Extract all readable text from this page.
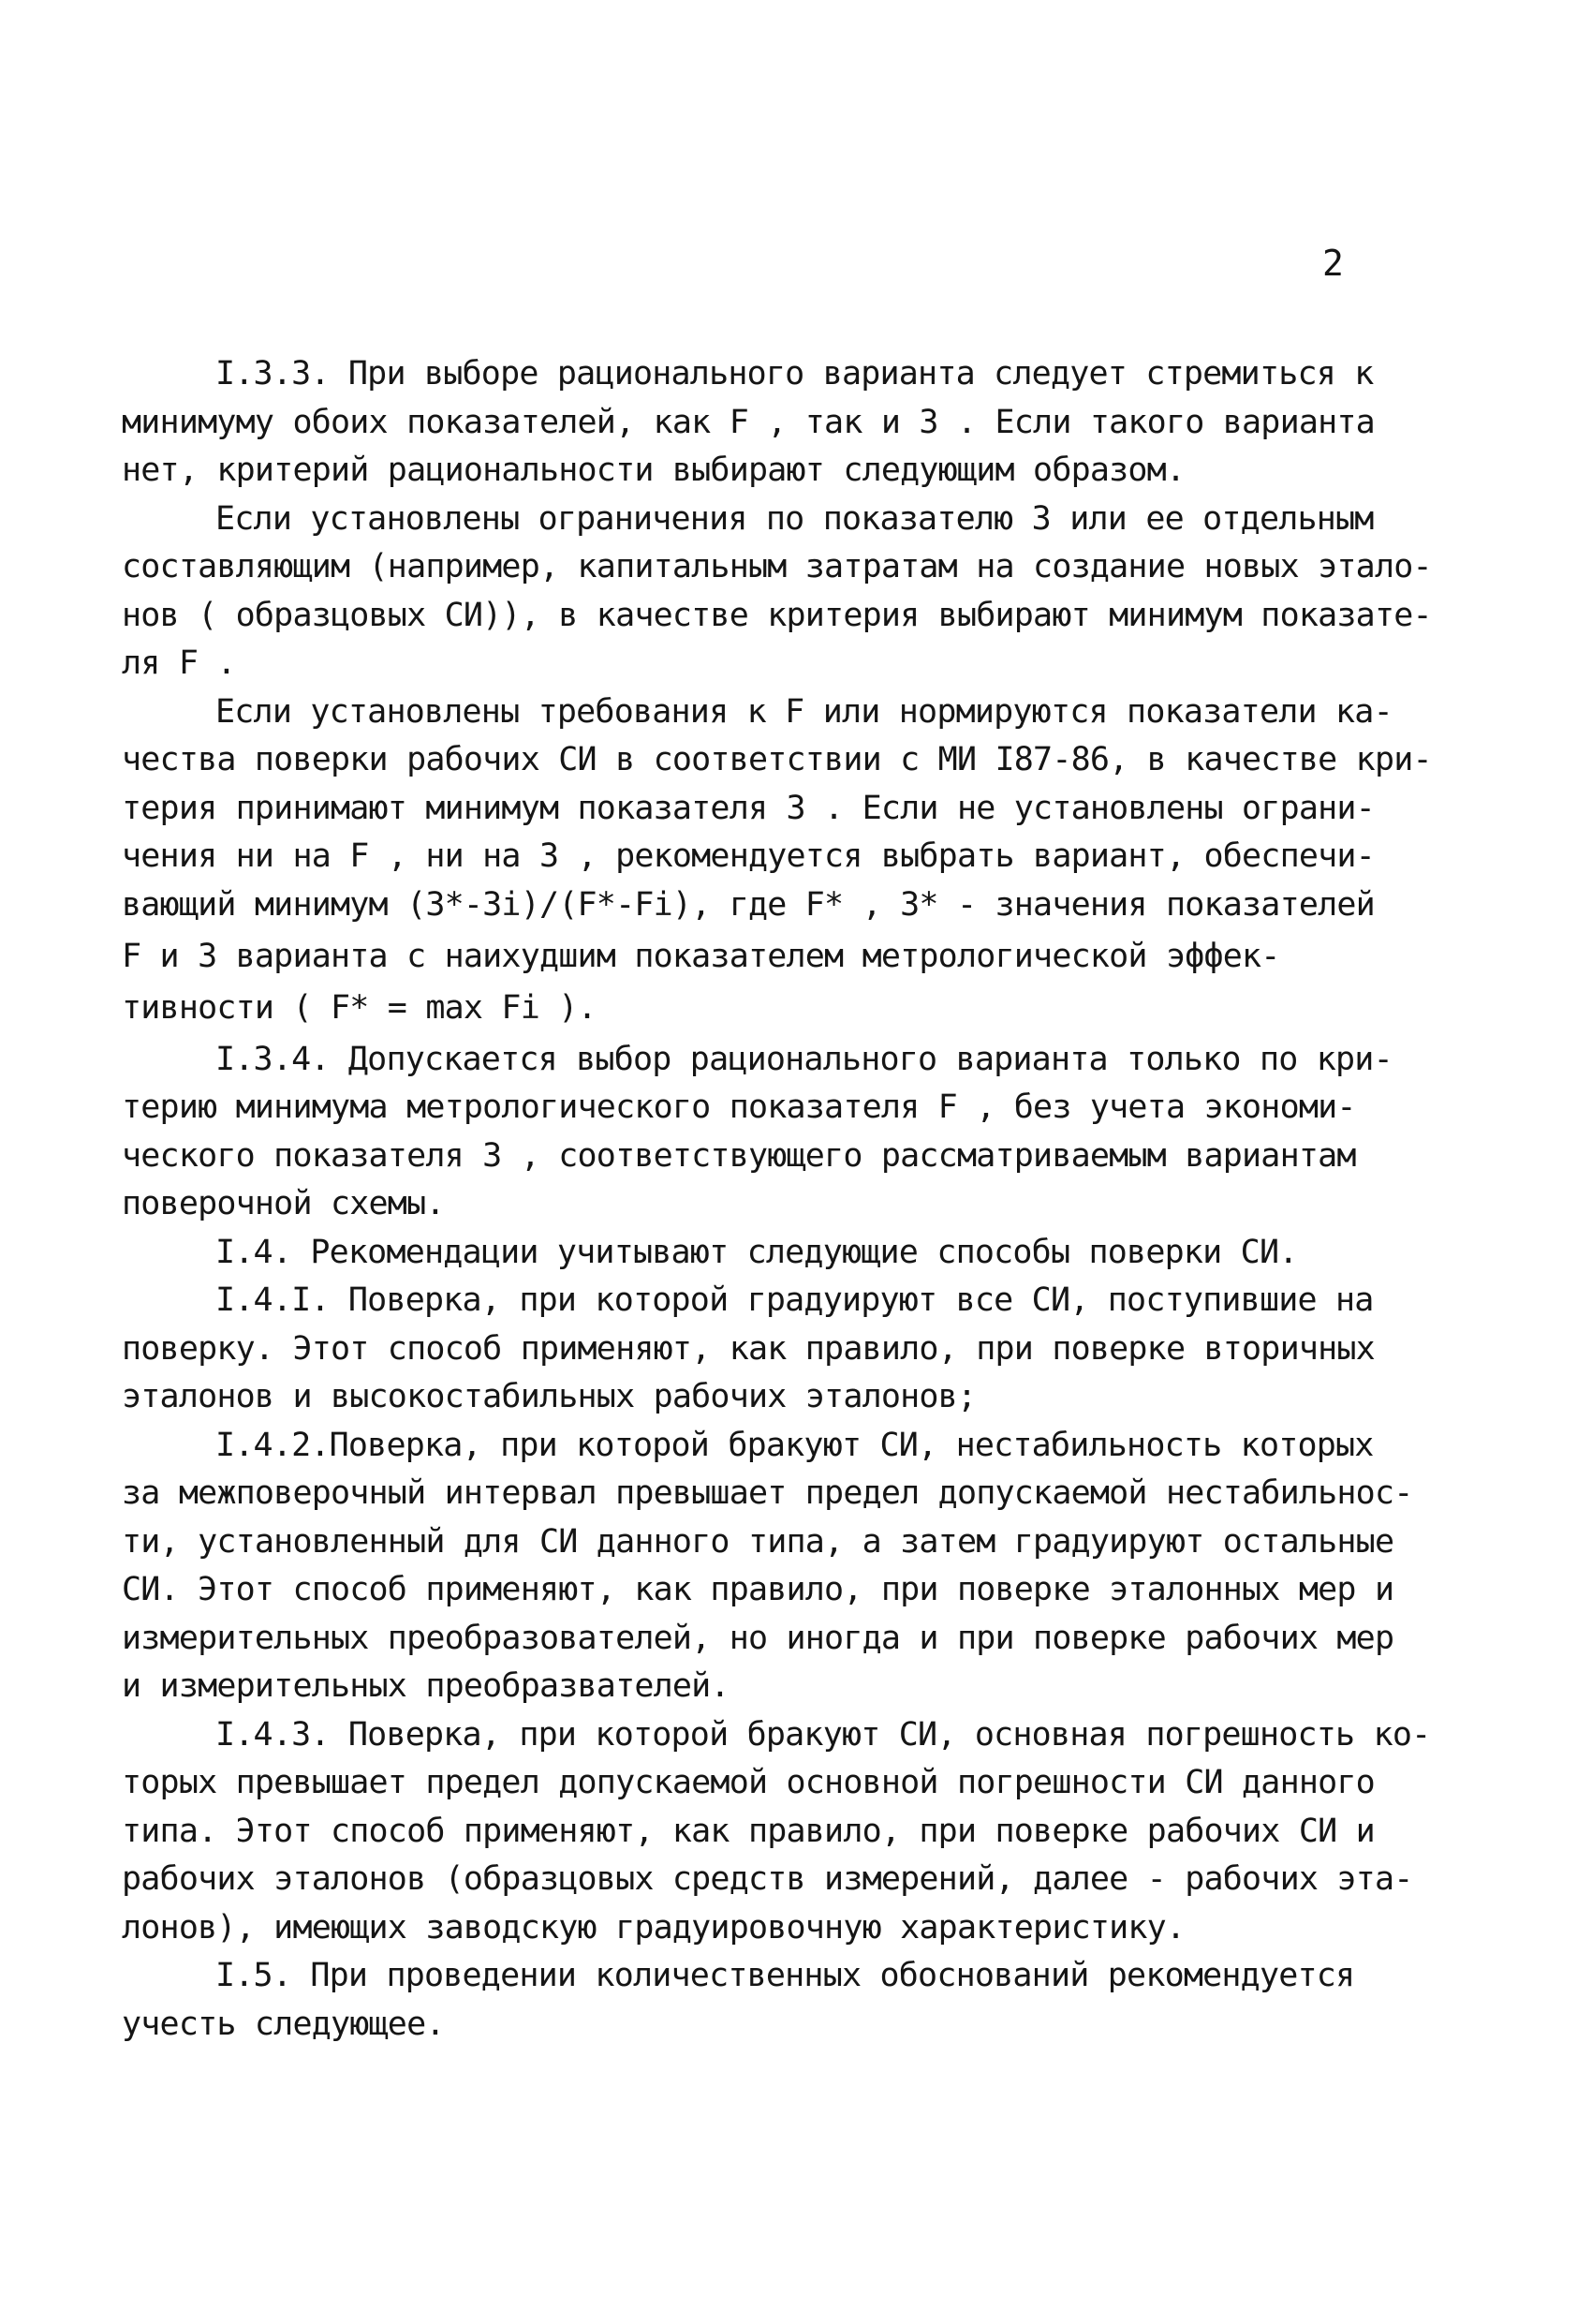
2
I.3.3. При выборе рационального варианта следует стремиться к
минимуму обоих показателей, как F , так и З . Если такого варианта
нет, критерий рациональности выбирают следующим образом.
Если установлены ограничения по показателю З или ее отдельным
составляющим (например, капитальным затратам на создание новых этало-
нов ( образцовых СИ)), в качестве критерия выбирают минимум показате-
ля F .
Если установлены требования к F или нормируются показатели ка-
чества поверки рабочих СИ в соответствии с МИ I87-86, в качестве кри-
терия принимают минимум показателя З . Если не установлены ограни-
чения ни на F , ни на З , рекомендуется выбрать вариант, обеспечи-
вающий минимум (З*-Зi)/(F*-Fi), где F* , З* - значения показателей
F и З варианта с наихудшим показателем метрологической эффек-
тивности ( F* = max Fi ).
I.3.4. Допускается выбор рационального варианта только по кри-
терию минимума метрологического показателя F , без учета экономи-
ческого показателя З , соответствующего рассматриваемым вариантам
поверочной схемы.
I.4. Рекомендации учитывают следующие способы поверки СИ.
I.4.I. Поверка, при которой градуируют все СИ, поступившие на
поверку. Этот способ применяют, как правило, при поверке вторичных
эталонов и высокостабильных рабочих эталонов;
I.4.2.Поверка, при которой бракуют СИ, нестабильность которых
за межповерочный интервал превышает предел допускаемой нестабильнос-
ти, установленный для СИ данного типа, а затем градуируют остальные
СИ. Этот способ применяют, как правило, при поверке эталонных мер и
измерительных преобразователей, но иногда и при поверке рабочих мер
и измерительных преобразвателей.
I.4.3. Поверка, при которой бракуют СИ, основная погрешность ко-
торых превышает предел допускаемой основной погрешности СИ данного
типа. Этот способ применяют, как правило, при поверке рабочих СИ и
рабочих эталонов (образцовых средств измерений, далее - рабочих эта-
лонов), имеющих заводскую градуировочную характеристику.
I.5. При проведении количественных обоснований рекомендуется
учесть следующее.
